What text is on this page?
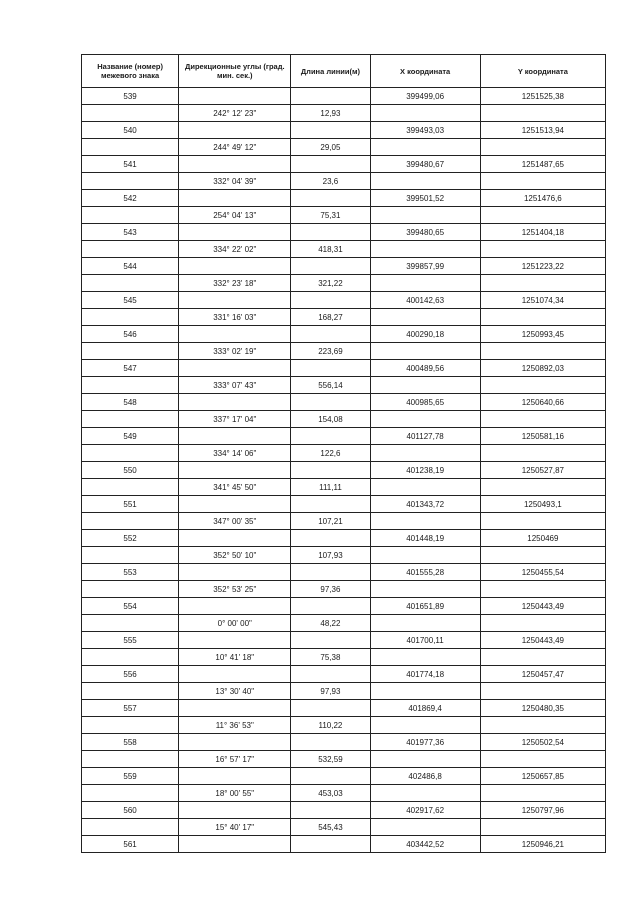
Название (номер) межевого знака	Дирекционные углы (град. мин. сек.)	Длина линии(м)	X координата	Y координата
539			399499,06	1251525,38
	242° 12' 23"	12,93		
540			399493,03	1251513,94
	244° 49' 12"	29,05		
541			399480,67	1251487,65
	332° 04' 39"	23,6		
542			399501,52	1251476,6
	254° 04' 13"	75,31		
543			399480,65	1251404,18
	334° 22' 02"	418,31		
544			399857,99	1251223,22
	332° 23' 18"	321,22		
545			400142,63	1251074,34
	331° 16' 03"	168,27		
546			400290,18	1250993,45
	333° 02' 19"	223,69		
547			400489,56	1250892,03
	333° 07' 43"	556,14		
548			400985,65	1250640,66
	337° 17' 04"	154,08		
549			401127,78	1250581,16
	334° 14' 06"	122,6		
550			401238,19	1250527,87
	341° 45' 50"	111,11		
551			401343,72	1250493,1
	347° 00' 35"	107,21		
552			401448,19	1250469
	352° 50' 10"	107,93		
553			401555,28	1250455,54
	352° 53' 25"	97,36		
554			401651,89	1250443,49
	0° 00' 00"	48,22		
555			401700,11	1250443,49
	10° 41' 18"	75,38		
556			401774,18	1250457,47
	13° 30' 40"	97,93		
557			401869,4	1250480,35
	11° 36' 53"	110,22		
558			401977,36	1250502,54
	16° 57' 17"	532,59		
559			402486,8	1250657,85
	18° 00' 55"	453,03		
560			402917,62	1250797,96
	15° 40' 17"	545,43		
561			403442,52	1250946,21
